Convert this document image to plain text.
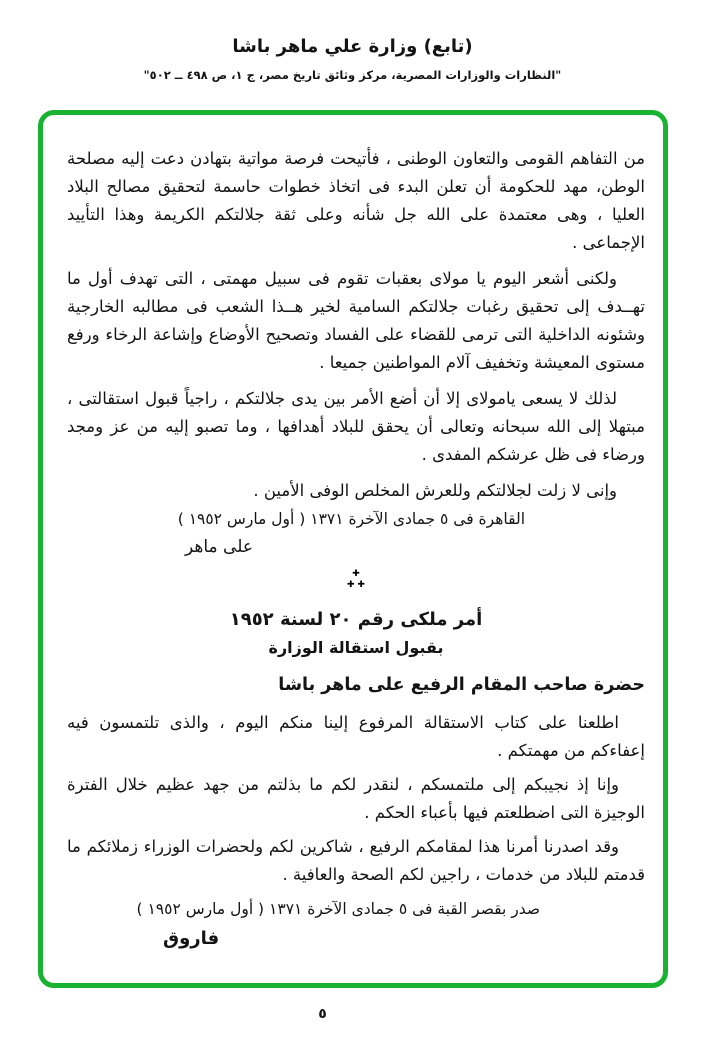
(تابع) وزارة علي ماهر باشا
"النظارات والوزارات المصرية، مركز وثائق تاريخ مصر، ج ١، ص ٤٩٨ ــ ٥٠٢"

من التفاهم القومى والتعاون الوطنى ، فأتيحت فرصة مواتية بتهادن دعت إليه مصلحة الوطن، مهد للحكومة أن تعلن البدء فى اتخاذ خطوات حاسمة لتحقيق مصالح البلاد العليا ، وهى معتمدة على الله جل شأنه وعلى ثقة جلالتكم الكريمة وهذا التأييد الإجماعى .

ولكنى أشعر اليوم يا مولاى بعقبات تقوم فى سبيل مهمتى ، التى تهدف أول ما تهــدف إلى تحقيق رغبات جلالتكم السامية لخير هــذا الشعب فى مطالبه الخارجية وشئونه الداخلية التى ترمى للقضاء على الفساد وتصحيح الأوضاع وإشاعة الرخاء ورفع مستوى المعيشة وتخفيف آلام المواطنين جميعا .

لذلك لا يسعى يامولاى إلا أن أضع الأمر بين يدى جلالتكم ، راجياً قبول استقالتى ، مبتهلا إلى الله سبحانه وتعالى أن يحقق للبلاد أهدافها ، وما تصبو إليه من عز ومجد ورضاء فى ظل عرشكم المفدى .

وإنى لا زلت لجلالتكم وللعرش المخلص الوفى الأمين .

القاهرة فى ٥ جمادى الآخرة ١٣٧١ ( أول مارس ١٩٥٢ )

على ماهر

✚
✚ ✚

أمر ملكى رقم ٢٠ لسنة ١٩٥٢

بقبول استقالة الوزارة

حضرة صاحب المقام الرفيع على ماهر باشا

اطلعنا على كتاب الاستقالة المرفوع إلينا منكم اليوم ، والذى تلتمسون فيه إعفاءكم من مهمتكم .

وإنا إذ نجيبكم إلى ملتمسكم ، لنقدر لكم ما بذلتم من جهد عظيم خلال الفترة الوجيزة التى اضطلعتم فيها بأعباء الحكم .

وقد اصدرنا أمرنا هذا لمقامكم الرفيع ، شاكرين لكم ولحضرات الوزراء زملائكم ما قدمتم للبلاد من خدمات ، راجين لكم الصحة والعافية .

صدر بقصر القبة فى ٥ جمادى الآخرة ١٣٧١ ( أول مارس ١٩٥٢ )

فاروق

٥
